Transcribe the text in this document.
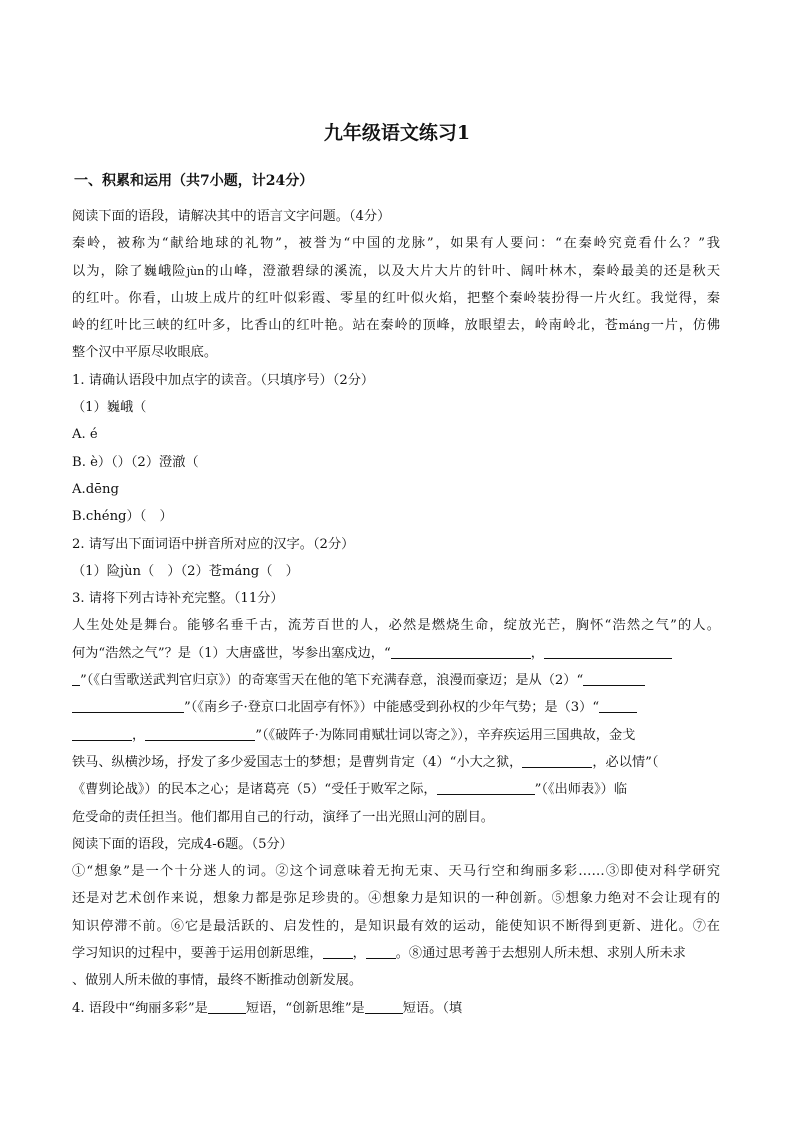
九年级语文练习1
一、积累和运用（共7小题，计24分）
阅读下面的语段，请解决其中的语言文字问题。（4分）
秦岭，被称为“献给地球的礼物”，被誉为“中国的龙脉”，如果有人要问：“在秦岭究竟看什么？”我
以为，除了巍峨险jùn的山峰，澄澈碧绿的溪流，以及大片大片的针叶、阔叶林木，秦岭最美的还是秋天
的红叶。你看，山坡上成片的红叶似彩霞、零星的红叶似火焰，把整个秦岭装扮得一片火红。我觉得，秦
岭的红叶比三峡的红叶多，比香山的红叶艳。站在秦岭的顶峰，放眼望去，岭南岭北，苍máng一片，仿佛
整个汉中平原尽收眼底。
1. 请确认语段中加点字的读音。（只填序号）（2分）
（1）巍峨（
A. é
B. è）（）（2）澄澈（
A.dēng
B.chéng）（　）
2. 请写出下面词语中拼音所对应的汉字。（2分）
（1）险jùn（　）（2）苍máng（　）
3. 请将下列古诗补充完整。（11分）
人生处处是舞台。能够名垂千古，流芳百世的人，必然是燃烧生命，绽放光芒，胸怀“浩然之气”的人。
何为“浩然之气”？是（1）大唐盛世，岑参出塞戍边，“	，
”（《白雪歌送武判官归京》）的奇寒雪天在他的笔下充满春意，浪漫而豪迈；是从（2）“
”（《南乡子·登京口北固亭有怀》）中能感受到孙权的少年气势；是（3）“
，	”（《破阵子·为陈同甫赋壮词以寄之》），辛弃疾运用三国典故，金戈
铁马、纵横沙场，抒发了多少爱国志士的梦想；是曹刿肯定（4）“小大之狱，	，必以情”（
《曹刿论战》）的民本之心；是诸葛亮（5）“受任于败军之际，	”（《出师表》）临
危受命的责任担当。他们都用自己的行动，演绎了一出光照山河的剧目。
阅读下面的语段，完成4-6题。（5分）
①“想象”是一个十分迷人的词。②这个词意味着无拘无束、天马行空和绚丽多彩……③即使对科学研究
还是对艺术创作来说，想象力都是弥足珍贵的。④想象力是知识的一种创新。⑤想象力绝对不会让现有的
知识停滞不前。⑥它是最活跃的、启发性的，是知识最有效的运动，能使知识不断得到更新、进化。⑦在
学习知识的过程中，要善于运用创新思维， ， 。⑧通过思考善于去想别人所未想、求别人所未求
、做别人所未做的事情，最终不断推动创新发展。
4. 语段中“绚丽多彩”是	短语，“创新思维”是	短语。（填
